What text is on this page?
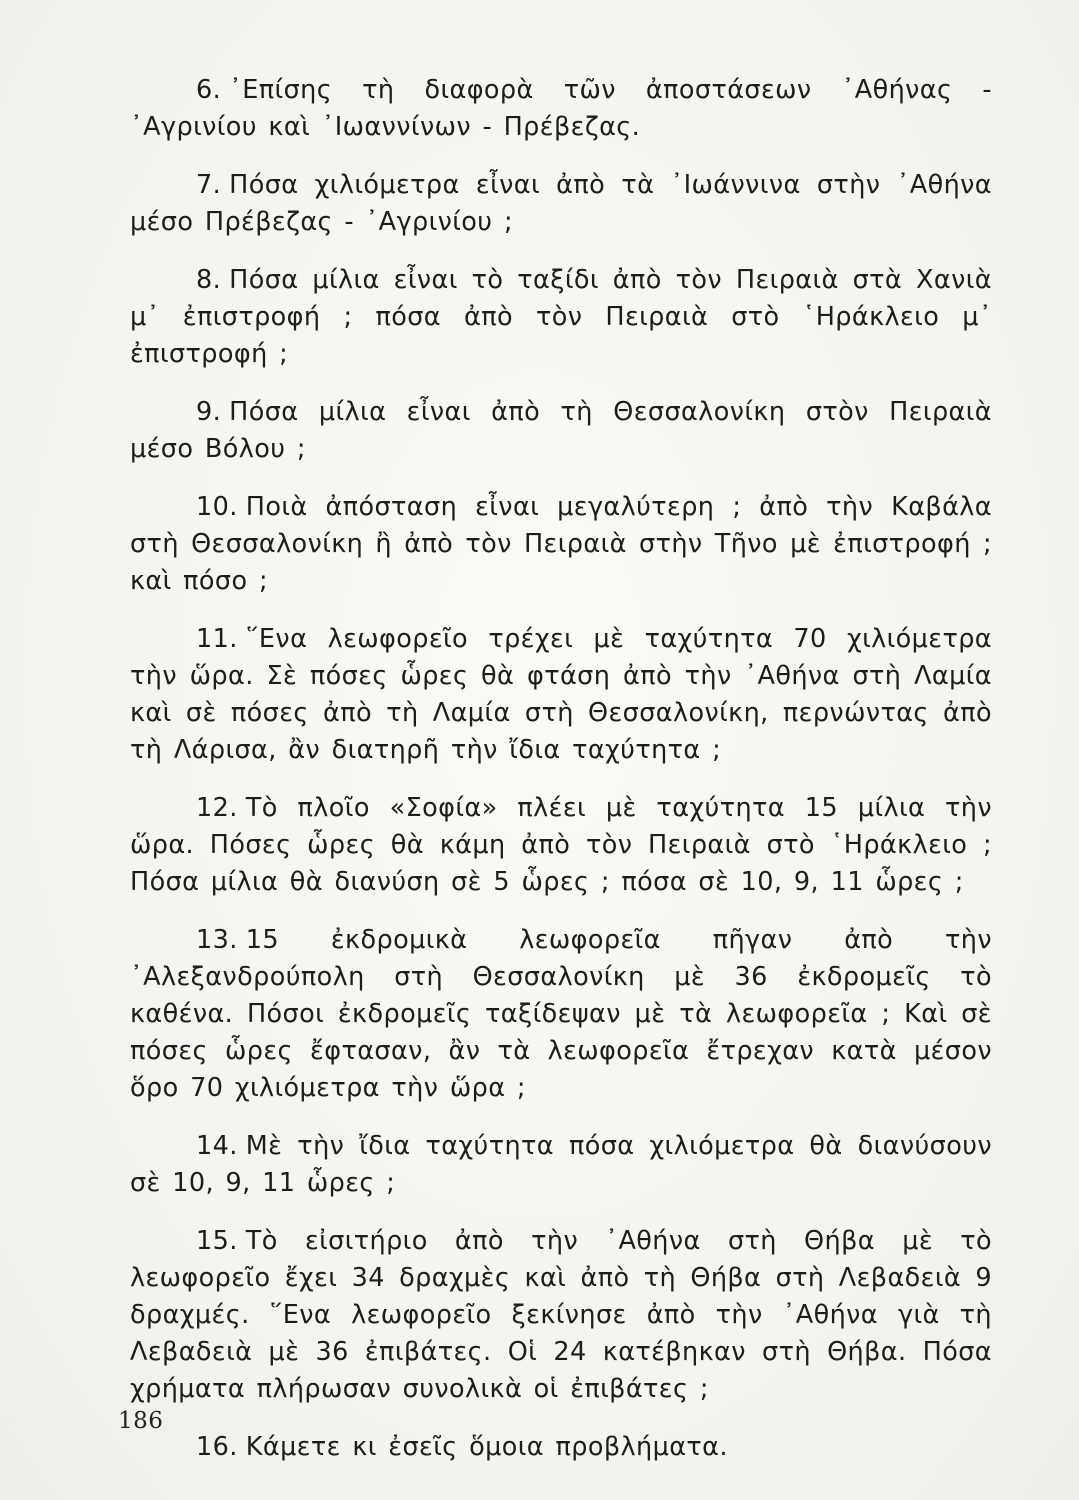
6. ᾿Επίσης τὴ διαφορὰ τῶν ἀποστάσεων ᾿Αθήνας - ᾿Αγρινίου καὶ ᾿Ιωαννίνων - Πρέβεζας.

7. Πόσα χιλιόμετρα εἶναι ἀπὸ τὰ ᾿Ιωάννινα στὴν ᾿Αθήνα μέσο Πρέβεζας - ᾿Αγρινίου ;

8. Πόσα μίλια εἶναι τὸ ταξίδι ἀπὸ τὸν Πειραιὰ στὰ Χανιὰ μ᾿ ἐπιστροφή ; πόσα ἀπὸ τὸν Πειραιὰ στὸ ῾Ηράκλειο μ᾿ ἐπιστροφή ;

9. Πόσα μίλια εἶναι ἀπὸ τὴ Θεσσαλονίκη στὸν Πειραιὰ μέσο Βόλου ;

10. Ποιὰ ἀπόσταση εἶναι μεγαλύτερη ; ἀπὸ τὴν Καβάλα στὴ Θεσσαλονίκη ἢ ἀπὸ τὸν Πειραιὰ στὴν Τῆνο μὲ ἐπιστροφή ; καὶ πόσο ;

11. ῞Ενα λεωφορεῖο τρέχει μὲ ταχύτητα 70 χιλιόμετρα τὴν ὥρα. Σὲ πόσες ὧρες θὰ φτάση ἀπὸ τὴν ᾿Αθήνα στὴ Λαμία καὶ σὲ πόσες ἀπὸ τὴ Λαμία στὴ Θεσσαλονίκη, περνώντας ἀπὸ τὴ Λάρισα, ἂν διατηρῆ τὴν ἴδια ταχύτητα ;

12. Τὸ πλοῖο «Σοφία» πλέει μὲ ταχύτητα 15 μίλια τὴν ὥρα. Πόσες ὧρες θὰ κάμη ἀπὸ τὸν Πειραιὰ στὸ ῾Ηράκλειο ; Πόσα μίλια θὰ διανύση σὲ 5 ὧρες ; πόσα σὲ 10, 9, 11 ὧρες ;

13. 15 ἐκδρομικὰ λεωφορεῖα πῆγαν ἀπὸ τὴν ᾿Αλεξανδρούπολη στὴ Θεσσαλονίκη μὲ 36 ἐκδρομεῖς τὸ καθένα. Πόσοι ἐκδρομεῖς ταξίδεψαν μὲ τὰ λεωφορεῖα ; Καὶ σὲ πόσες ὧρες ἔφτασαν, ἂν τὰ λεωφορεῖα ἔτρεχαν κατὰ μέσον ὅρο 70 χιλιόμετρα τὴν ὥρα ;

14. Μὲ τὴν ἴδια ταχύτητα πόσα χιλιόμετρα θὰ διανύσουν σὲ 10, 9, 11 ὧρες ;

15. Τὸ εἰσιτήριο ἀπὸ τὴν ᾿Αθήνα στὴ Θήβα μὲ τὸ λεωφορεῖο ἔχει 34 δραχμὲς καὶ ἀπὸ τὴ Θήβα στὴ Λεβαδειὰ 9 δραχμές. ῞Ενα λεωφορεῖο ξεκίνησε ἀπὸ τὴν ᾿Αθήνα γιὰ τὴ Λεβαδειὰ μὲ 36 ἐπιβάτες. Οἱ 24 κατέβηκαν στὴ Θήβα. Πόσα χρήματα πλήρωσαν συνολικὰ οἱ ἐπιβάτες ;

16. Κάμετε κι ἐσεῖς ὅμοια προβλήματα.

186
